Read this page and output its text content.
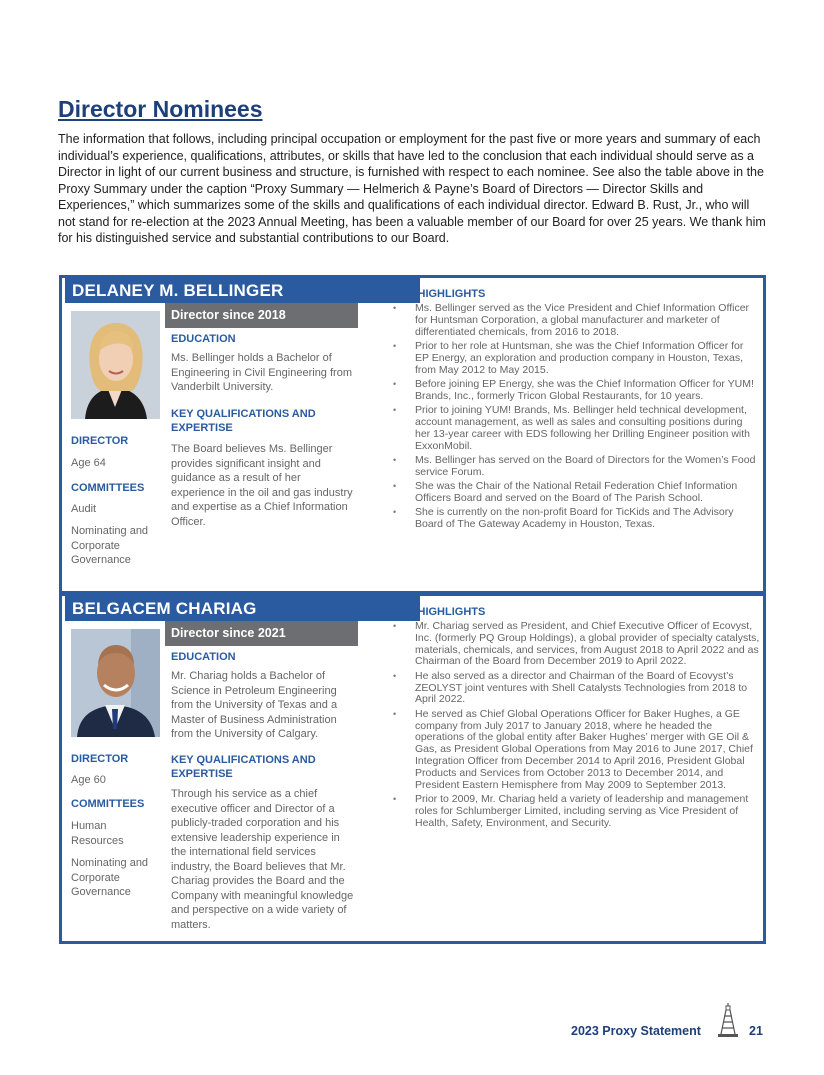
Director Nominees

The information that follows, including principal occupation or employment for the past five or more years and summary of each individual’s experience, qualifications, attributes, or skills that have led to the conclusion that each individual should serve as a Director in light of our current business and structure, is furnished with respect to each nominee. See also the table above in the Proxy Summary under the caption “Proxy Summary — Helmerich & Payne’s Board of Directors — Director Skills and Experiences,” which summarizes some of the skills and qualifications of each individual director. Edward B. Rust, Jr., who will not stand for re-election at the 2023 Annual Meeting, has been a valuable member of our Board for over 25 years. We thank him for his distinguished service and substantial contributions to our Board.

DELANEY M. BELLINGER
Director since 2018
EDUCATION

Ms. Bellinger holds a Bachelor of Engineering in Civil Engineering from Vanderbilt University.

KEY QUALIFICATIONS AND EXPERTISE

The Board believes Ms. Bellinger provides significant insight and guidance as a result of her experience in the oil and gas industry and expertise as a Chief Information Officer.

DIRECTOR
Age 64
COMMITTEES
Audit
Nominating and Corporate Governance
CAREER HIGHLIGHTS
• Ms. Bellinger served as the Vice President and Chief Information Officer for Huntsman Corporation, a global manufacturer and marketer of differentiated chemicals, from 2016 to 2018.
• Prior to her role at Huntsman, she was the Chief Information Officer for EP Energy, an exploration and production company in Houston, Texas, from May 2012 to May 2015.
• Before joining EP Energy, she was the Chief Information Officer for YUM! Brands, Inc., formerly Tricon Global Restaurants, for 10 years.
• Prior to joining YUM! Brands, Ms. Bellinger held technical development, account management, as well as sales and consulting positions during her 13-year career with EDS following her Drilling Engineer position with ExxonMobil.
• Ms. Bellinger has served on the Board of Directors for the Women’s Food service Forum.
• She was the Chair of the National Retail Federation Chief Information Officers Board and served on the Board of The Parish School.
• She is currently on the non-profit Board for TicKids and The Advisory Board of The Gateway Academy in Houston, Texas.
BELGACEM CHARIAG
Director since 2021
EDUCATION

Mr. Chariag holds a Bachelor of Science in Petroleum Engineering from the University of Texas and a Master of Business Administration from the University of Calgary.

KEY QUALIFICATIONS AND EXPERTISE

Through his service as a chief executive officer and Director of a publicly-traded corporation and his extensive leadership experience in the international field services industry, the Board believes that Mr. Chariag provides the Board and the Company with meaningful knowledge and perspective on a wide variety of matters.

DIRECTOR
Age 60
COMMITTEES
Human Resources
Nominating and Corporate Governance
CAREER HIGHLIGHTS
• Mr. Chariag served as President, and Chief Executive Officer of Ecovyst, Inc. (formerly PQ Group Holdings), a global provider of specialty catalysts, materials, chemicals, and services, from August 2018 to April 2022 and as Chairman of the Board from December 2019 to April 2022.
• He also served as a director and Chairman of the Board of Ecovyst’s ZEOLYST joint ventures with Shell Catalysts Technologies from 2018 to April 2022.
• He served as Chief Global Operations Officer for Baker Hughes, a GE company from July 2017 to January 2018, where he headed the operations of the global entity after Baker Hughes’ merger with GE Oil & Gas, as President Global Operations from May 2016 to June 2017, Chief Integration Officer from December 2014 to April 2016, President Global Products and Services from October 2013 to December 2014, and President Eastern Hemisphere from May 2009 to September 2013.
• Prior to 2009, Mr. Chariag held a variety of leadership and management roles for Schlumberger Limited, including serving as Vice President of Health, Safety, Environment, and Security.
2023 Proxy Statement	21
